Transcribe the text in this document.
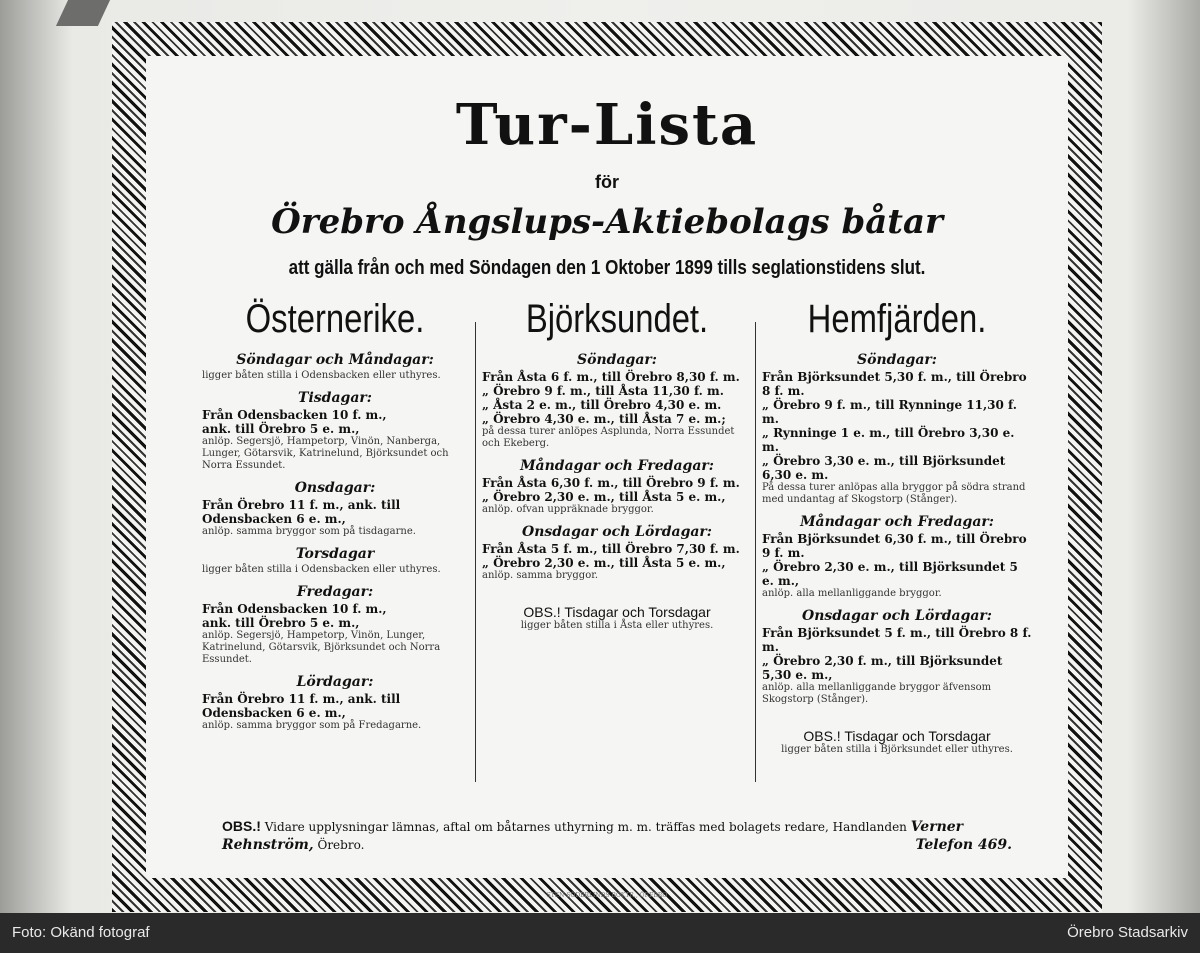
Tur-Lista
för
Örebro Ångslups-Aktiebolags båtar
att gälla från och med Söndagen den 1 Oktober 1899 tills seglationstidens slut.
Östernerike.
Söndagar och Måndagar:

ligger båten stilla i Odensbacken eller uthyres.

Tisdagar:

Från Odensbacken 10 f. m.,

ank. till Örebro 5 e. m.,

anlöp. Segersjö, Hampetorp, Vinön, Nanberga, Lunger, Götarsvik, Katrinelund, Björksundet och Norra Essundet.

Onsdagar:

Från Örebro 11 f. m., ank. till

Odensbacken 6 e. m.,

anlöp. samma bryggor som på tisdagarne.

Torsdagar

ligger båten stilla i Odensbacken eller uthyres.

Fredagar:

Från Odensbacken 10 f. m.,

ank. till Örebro 5 e. m.,

anlöp. Segersjö, Hampetorp, Vinön, Lunger, Katrinelund, Götarsvik, Björksundet och Norra Essundet.

Lördagar:

Från Örebro 11 f. m., ank. till

Odensbacken 6 e. m.,

anlöp. samma bryggor som på Fredagarne.

Björksundet.
Söndagar:

Från Åsta 6 f. m., till Örebro 8,30 f. m.

„ Örebro 9 f. m., till Åsta 11,30 f. m.

„ Åsta 2 e. m., till Örebro 4,30 e. m.

„ Örebro 4,30 e. m., till Åsta 7 e. m.;

på dessa turer anlöpes Asplunda, Norra Essundet och Ekeberg.

Måndagar och Fredagar:

Från Åsta 6,30 f. m., till Örebro 9 f. m.

„ Örebro 2,30 e. m., till Åsta 5 e. m.,

anlöp. ofvan uppräknade bryggor.

Onsdagar och Lördagar:

Från Åsta 5 f. m., till Örebro 7,30 f. m.

„ Örebro 2,30 e. m., till Åsta 5 e. m.,

anlöp. samma bryggor.

OBS.! Tisdagar och Torsdagar

ligger båten stilla i Åsta eller uthyres.

Hemfjärden.
Söndagar:

Från Björksundet 5,30 f. m., till Örebro 8 f. m.

„ Örebro 9 f. m., till Rynninge 11,30 f. m.

„ Rynninge 1 e. m., till Örebro 3,30 e. m.

„ Örebro 3,30 e. m., till Björksundet 6,30 e. m.

På dessa turer anlöpas alla bryggor på södra strand med undantag af Skogstorp (Stånger).

Måndagar och Fredagar:

Från Björksundet 6,30 f. m., till Örebro 9 f. m.

„ Örebro 2,30 e. m., till Björksundet 5 e. m.,

anlöp. alla mellanliggande bryggor.

Onsdagar och Lördagar:

Från Björksundet 5 f. m., till Örebro 8 f. m.

„ Örebro 2,30 f. m., till Björksundet 5,30 e. m.,

anlöp. alla mellanliggande bryggor äfvensom Skogstorp (Stånger).

OBS.! Tisdagar och Torsdagar

ligger båten stilla i Björksundet eller uthyres.

OBS.! Vidare upplysningar lämnas, aftal om båtarnes uthyrning m. m. träffas med bolagets redare, Handlanden Verner Rehnström, Örebro.	Telefon 469.
STEN SÖDERLINDS BOKTR., ÖREBRO
Foto: Okänd fotograf	Örebro Stadsarkiv
